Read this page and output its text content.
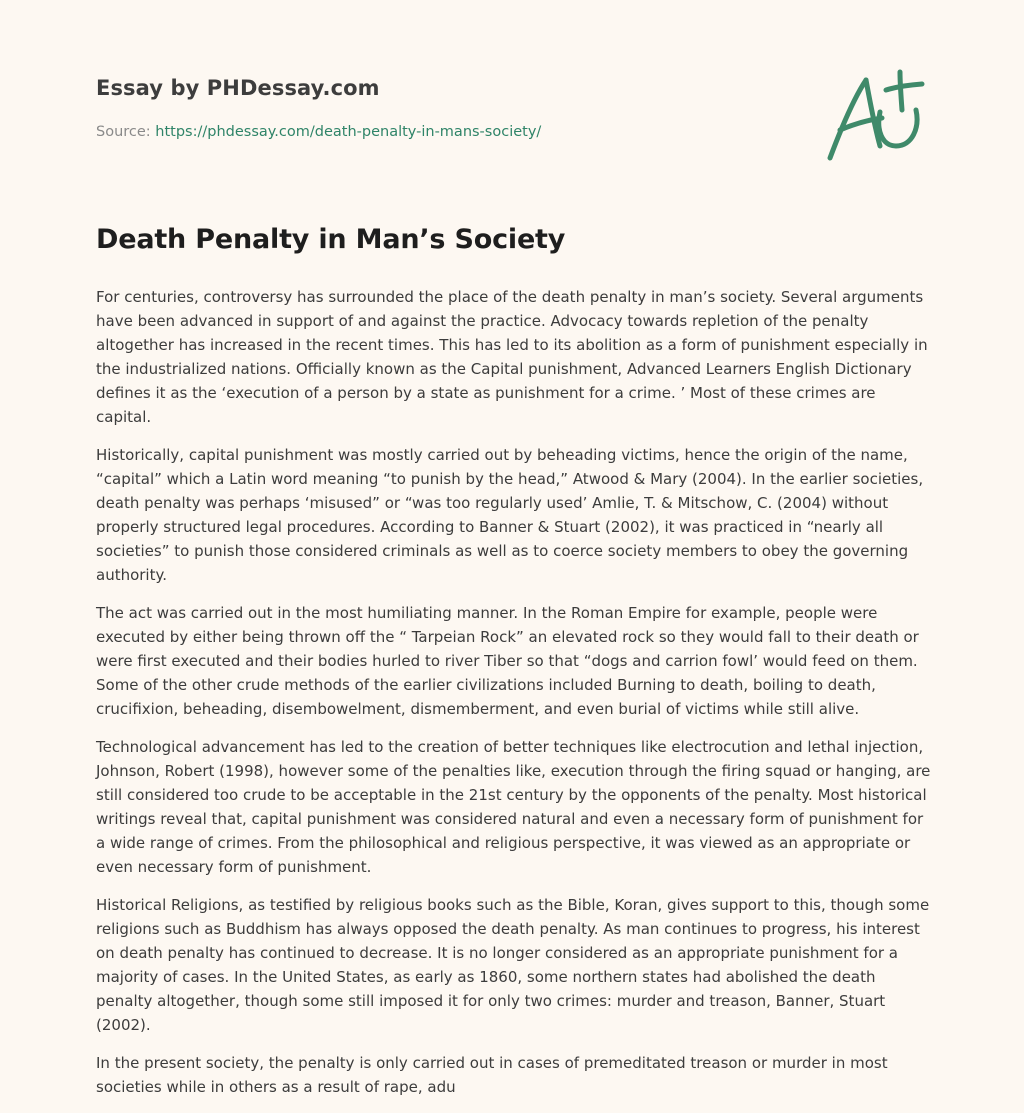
Essay by PHDessay.com
Source: https://phdessay.com/death-penalty-in-mans-society/
Death Penalty in Man’s Society

For centuries, controversy has surrounded the place of the death penalty in man’s society. Several arguments have been advanced in support of and against the practice. Advocacy towards repletion of the penalty altogether has increased in the recent times. This has led to its abolition as a form of punishment especially in the industrialized nations. Officially known as the Capital punishment, Advanced Learners English Dictionary defines it as the ‘execution of a person by a state as punishment for a crime. ’ Most of these crimes are capital.

Historically, capital punishment was mostly carried out by beheading victims, hence the origin of the name, “capital” which a Latin word meaning “to punish by the head,” Atwood & Mary (2004). In the earlier societies, death penalty was perhaps ‘misused” or “was too regularly used’ Amlie, T. & Mitschow, C. (2004) without properly structured legal procedures. According to Banner & Stuart (2002), it was practiced in “nearly all societies” to punish those considered criminals as well as to coerce society members to obey the governing authority.

The act was carried out in the most humiliating manner. In the Roman Empire for example, people were executed by either being thrown off the “ Tarpeian Rock” an elevated rock so they would fall to their death or were first executed and their bodies hurled to river Tiber so that “dogs and carrion fowl’ would feed on them. Some of the other crude methods of the earlier civilizations included Burning to death, boiling to death, crucifixion, beheading, disembowelment, dismemberment, and even burial of victims while still alive.

Technological advancement has led to the creation of better techniques like electrocution and lethal injection, Johnson, Robert (1998), however some of the penalties like, execution through the firing squad or hanging, are still considered too crude to be acceptable in the 21st century by the opponents of the penalty. Most historical writings reveal that, capital punishment was considered natural and even a necessary form of punishment for a wide range of crimes. From the philosophical and religious perspective, it was viewed as an appropriate or even necessary form of punishment.

Historical Religions, as testified by religious books such as the Bible, Koran, gives support to this, though some religions such as Buddhism has always opposed the death penalty. As man continues to progress, his interest on death penalty has continued to decrease. It is no longer considered as an appropriate punishment for a majority of cases. In the United States, as early as 1860, some northern states had abolished the death penalty altogether, though some still imposed it for only two crimes: murder and treason, Banner, Stuart (2002).

In the present society, the penalty is only carried out in cases of premeditated treason or murder in most societies while in others as a result of rape, adu
